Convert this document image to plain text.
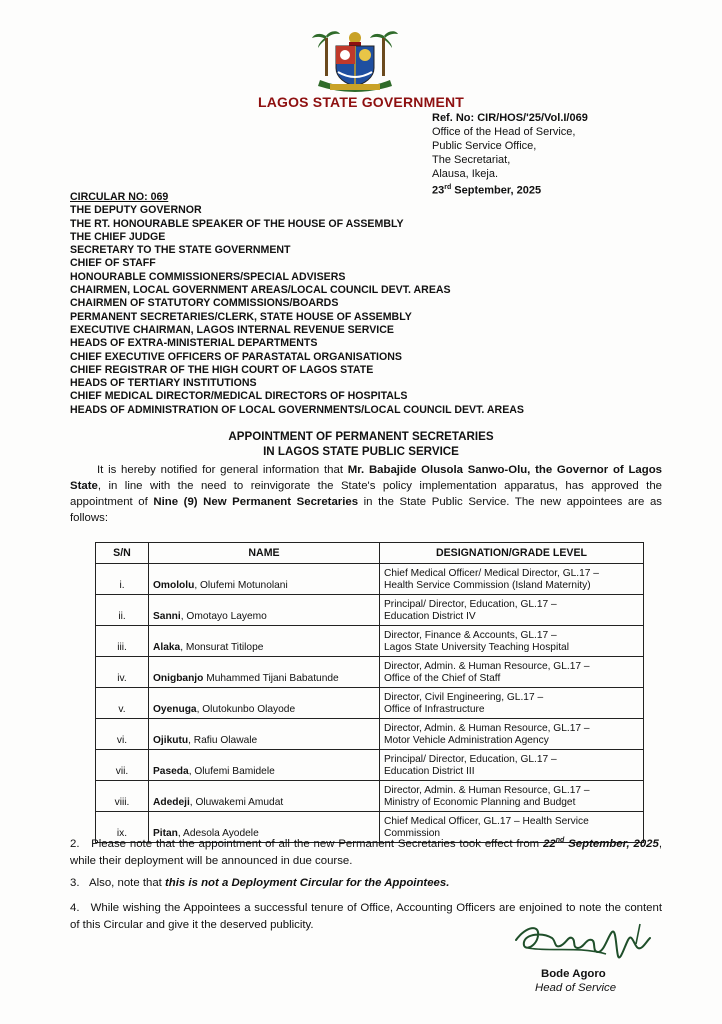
LAGOS STATE GOVERNMENT
Ref. No: CIR/HOS/'25/Vol.I/069
Office of the Head of Service,
Public Service Office,
The Secretariat,
Alausa, Ikeja.
23rd September, 2025
CIRCULAR NO: 069
THE DEPUTY GOVERNOR
THE RT. HONOURABLE SPEAKER OF THE HOUSE OF ASSEMBLY
THE CHIEF JUDGE
SECRETARY TO THE STATE GOVERNMENT
CHIEF OF STAFF
HONOURABLE COMMISSIONERS/SPECIAL ADVISERS
CHAIRMEN, LOCAL GOVERNMENT AREAS/LOCAL COUNCIL DEVT. AREAS
CHAIRMEN OF STATUTORY COMMISSIONS/BOARDS
PERMANENT SECRETARIES/CLERK, STATE HOUSE OF ASSEMBLY
EXECUTIVE CHAIRMAN, LAGOS INTERNAL REVENUE SERVICE
HEADS OF EXTRA-MINISTERIAL DEPARTMENTS
CHIEF EXECUTIVE OFFICERS OF PARASTATAL ORGANISATIONS
CHIEF REGISTRAR OF THE HIGH COURT OF LAGOS STATE
HEADS OF TERTIARY INSTITUTIONS
CHIEF MEDICAL DIRECTOR/MEDICAL DIRECTORS OF HOSPITALS
HEADS OF ADMINISTRATION OF LOCAL GOVERNMENTS/LOCAL COUNCIL DEVT. AREAS
APPOINTMENT OF PERMANENT SECRETARIES
IN LAGOS STATE PUBLIC SERVICE
It is hereby notified for general information that Mr. Babajide Olusola Sanwo-Olu, the Governor of Lagos State, in line with the need to reinvigorate the State's policy implementation apparatus, has approved the appointment of Nine (9) New Permanent Secretaries in the State Public Service. The new appointees are as follows:
S/N	NAME	DESIGNATION/GRADE LEVEL
i.	Omololu, Olufemi Motunolani	Chief Medical Officer/ Medical Director, GL.17 –
Health Service Commission (Island Maternity)

ii.	Sanni, Omotayo Layemo	Principal/ Director, Education, GL.17 –
Education District IV

iii.	Alaka, Monsurat Titilope	Director, Finance & Accounts, GL.17 –
Lagos State University Teaching Hospital

iv.	Onigbanjo Muhammed Tijani Babatunde	Director, Admin. & Human Resource, GL.17 –
Office of the Chief of Staff

v.	Oyenuga, Olutokunbo Olayode	Director, Civil Engineering, GL.17 –
Office of Infrastructure

vi.	Ojikutu, Rafiu Olawale	Director, Admin. & Human Resource, GL.17 –
Motor Vehicle Administration Agency

vii.	Paseda, Olufemi Bamidele	Principal/ Director, Education, GL.17 –
Education District III

viii.	Adedeji, Oluwakemi Amudat	Director, Admin. & Human Resource, GL.17 –
Ministry of Economic Planning and Budget

ix.	Pitan, Adesola Ayodele	Chief Medical Officer, GL.17 – Health Service
Commission
2. Please note that the appointment of all the new Permanent Secretaries took effect from 22nd September, 2025, while their deployment will be announced in due course.
3. Also, note that this is not a Deployment Circular for the Appointees.
4. While wishing the Appointees a successful tenure of Office, Accounting Officers are enjoined to note the content of this Circular and give it the deserved publicity.
Bode Agoro
Head of Service
